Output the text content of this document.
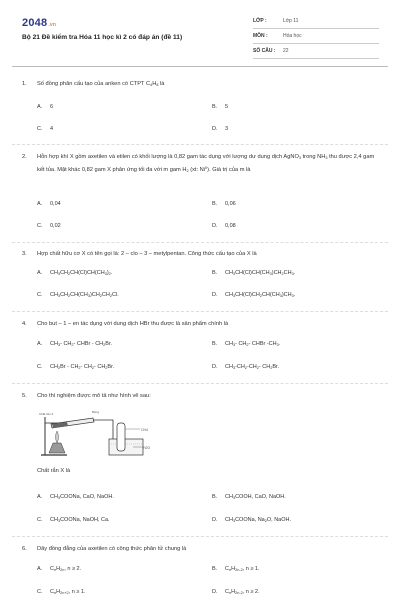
2048.vn
Bộ 21 Đề kiểm tra Hóa 11 học kì 2 có đáp án (đề 11)
LỚP :	Lớp 11
MÔN :	Hóa học
SỐ CÂU : 22
1. Số đồng phân cấu tạo của anken có CTPT $C_4H_8$ là
A. 6	B. 5
C. 4	D. 3
2. Hỗn hợp khí X gồm axetilen và etilen có khối lượng là 0,82 gam tác dụng với lượng dư dung dịch AgNO$_3$ trong $NH_3$ thu được 2,4 gam kết tủa. Mặt khác 0,82 gam X phản ứng tối đa với m gam $H_2$ (xt: Ni$^0$). Giá trị của m là
A. 0,04	B. 0,06
C. 0,02	D. 0,08
3. Hợp chất hữu cơ X có tên gọi là: 2 – clo – 3 – metylpentan. Công thức cấu tạo của X là
A. $CH_3CH_2CH(Cl)CH(CH_3)_2$.	B. $CH_3CH(Cl)CH(CH_3)CH_2CH_3$.
C. $CH_3CH_2CH(CH_3)CH_2CH_2Cl$.	D. $CH_3CH(Cl)CH_2CH(CH_3)CH_3$.
4. Cho but – 1 – en tác dụng với dung dịch HBr thu được là sản phẩm chính là
A. $CH_3-$ $CH_2-$ CHBr - $CH_2Br$.	B. $CH_3-$ $CH_2-$ CHBr $-CH_3$.
C. $CH_2Br - CH_2-$ $CH_2-$ $CH_2Br$.	D. $CH_3-CH_2-CH_2-$ $CH_2Br$.
5. Cho thí nghiệm được mô tả như hình vẽ sau:
Chất rắn X	Bông
CH4
H2O
Chất rắn X là
A. $CH_3COONa$, CaO, NaOH.	B. $CH_3COOH$, CaO, NaOH.
C. $CH_3COONa$, NaOH, Ca.	D. $CH_3COONa$, $Na_2O$, NaOH.
6. Dãy đồng đẳng của axetilen có công thức phân tử chung là
A. $C_nH_{2n}$, n ≥ 2.	B. $C_nH_{2n-2}$, n ≥ 1.
C. $C_nH_{2n+2}$, n ≥ 1.	D. $C_nH_{2n-2}$, n ≥ 2.
